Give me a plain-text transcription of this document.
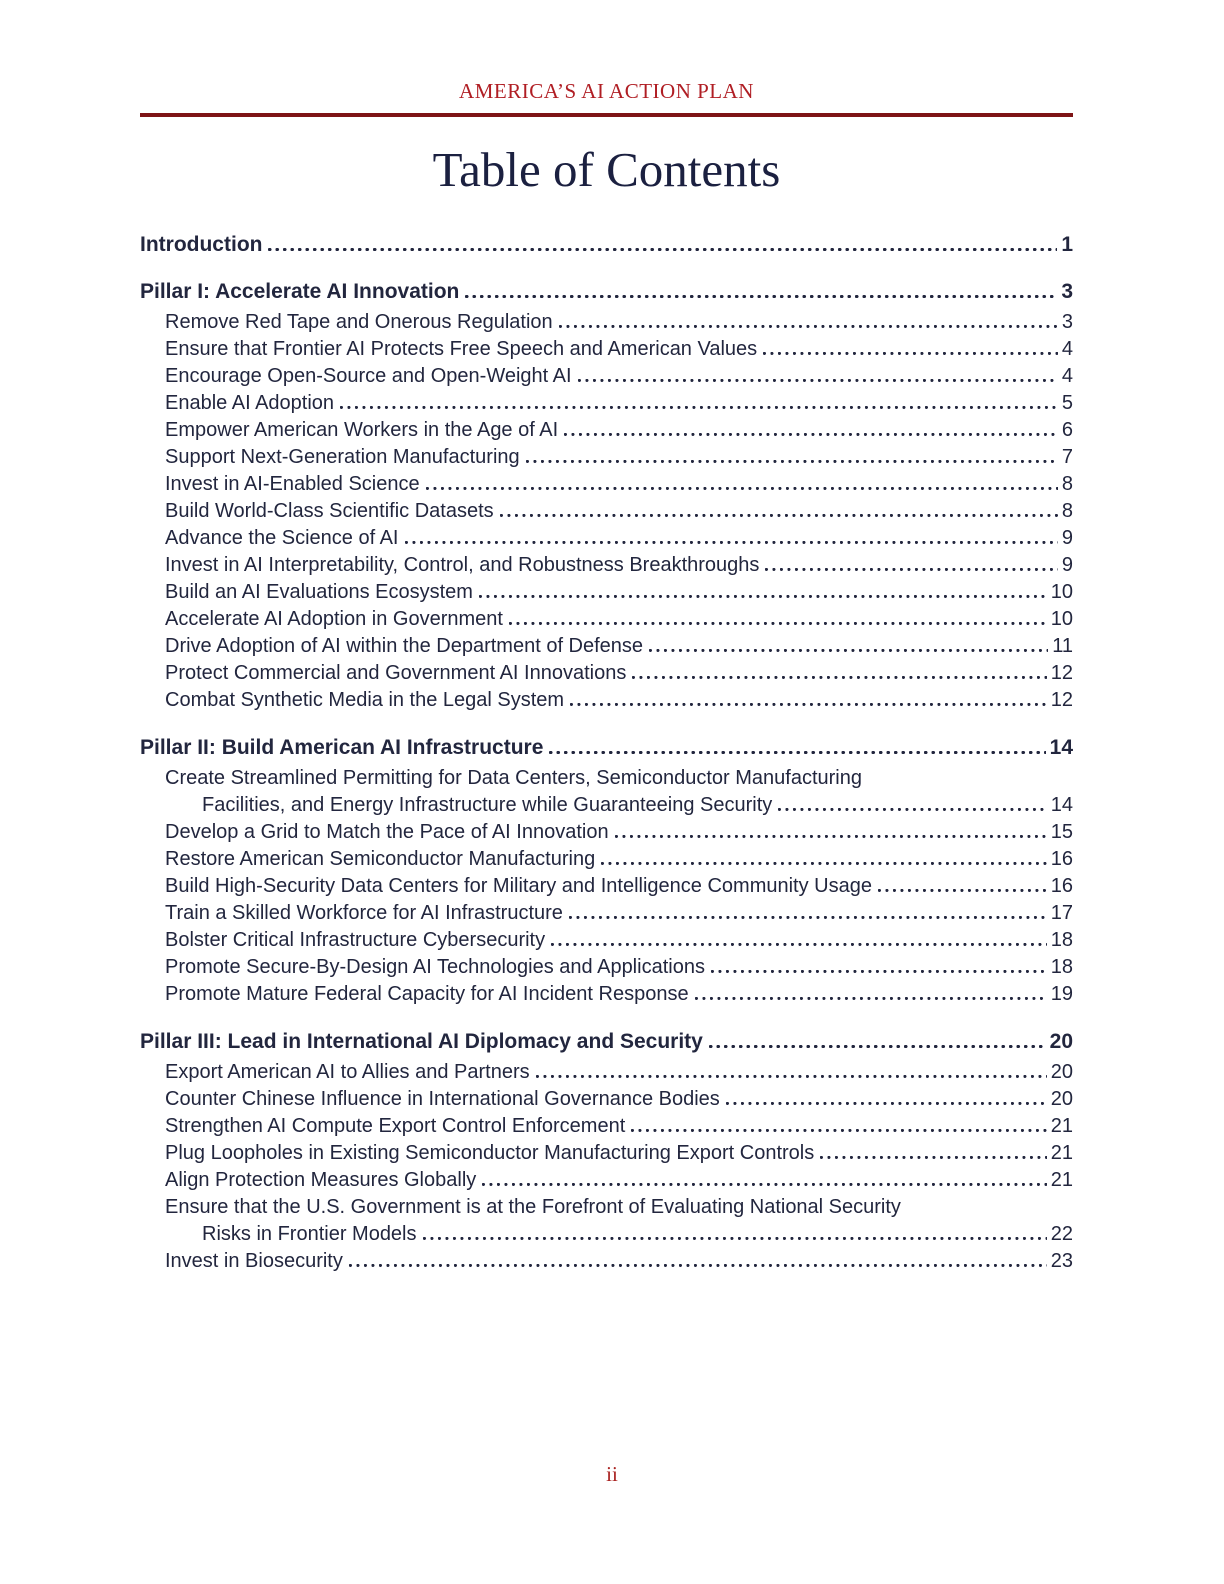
AMERICA’S AI ACTION PLAN
Table of Contents
Introduction	1
Pillar I: Accelerate AI Innovation	3
Remove Red Tape and Onerous Regulation	3
Ensure that Frontier AI Protects Free Speech and American Values	4
Encourage Open-Source and Open-Weight AI	4
Enable AI Adoption	5
Empower American Workers in the Age of AI	6
Support Next-Generation Manufacturing	7
Invest in AI-Enabled Science	8
Build World-Class Scientific Datasets	8
Advance the Science of AI	9
Invest in AI Interpretability, Control, and Robustness Breakthroughs	9
Build an AI Evaluations Ecosystem	10
Accelerate AI Adoption in Government	10
Drive Adoption of AI within the Department of Defense	11
Protect Commercial and Government AI Innovations	12
Combat Synthetic Media in the Legal System	12
Pillar II: Build American AI Infrastructure	14
Create Streamlined Permitting for Data Centers, Semiconductor Manufacturing
Facilities, and Energy Infrastructure while Guaranteeing Security	14
Develop a Grid to Match the Pace of AI Innovation	15
Restore American Semiconductor Manufacturing	16
Build High-Security Data Centers for Military and Intelligence Community Usage	16
Train a Skilled Workforce for AI Infrastructure	17
Bolster Critical Infrastructure Cybersecurity	18
Promote Secure-By-Design AI Technologies and Applications	18
Promote Mature Federal Capacity for AI Incident Response	19
Pillar III: Lead in International AI Diplomacy and Security	20
Export American AI to Allies and Partners	20
Counter Chinese Influence in International Governance Bodies	20
Strengthen AI Compute Export Control Enforcement	21
Plug Loopholes in Existing Semiconductor Manufacturing Export Controls	21
Align Protection Measures Globally	21
Ensure that the U.S. Government is at the Forefront of Evaluating National Security
Risks in Frontier Models	22
Invest in Biosecurity	23
ii
